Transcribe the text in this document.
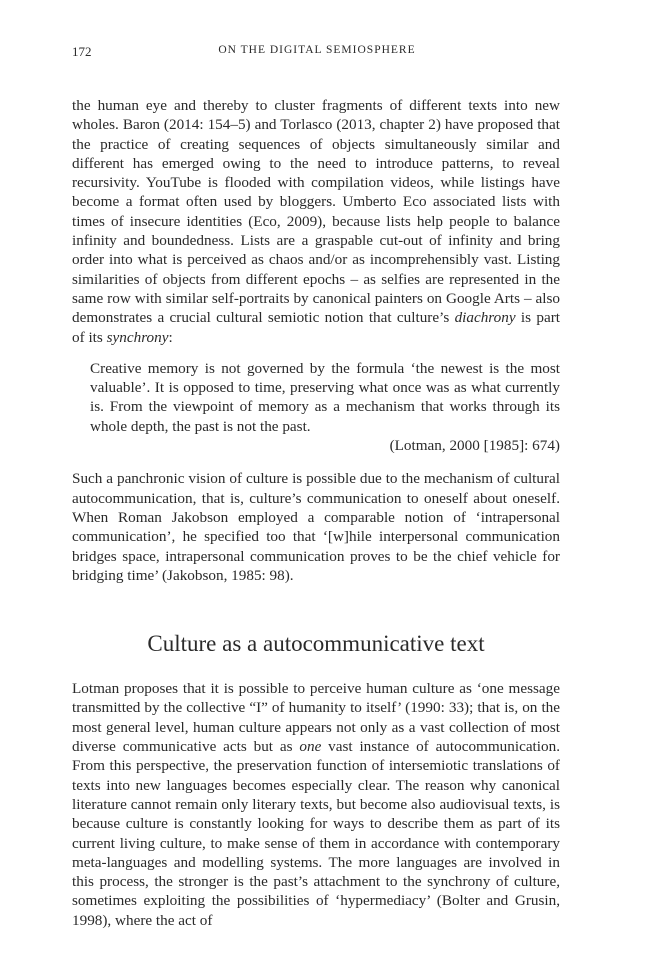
172	ON THE DIGITAL SEMIOSPHERE

the human eye and thereby to cluster fragments of different texts into new wholes. Baron (2014: 154–5) and Torlasco (2013, chapter 2) have proposed that the practice of creating sequences of objects simultaneously similar and different has emerged owing to the need to introduce patterns, to reveal recursivity. YouTube is flooded with compilation videos, while listings have become a format often used by bloggers. Umberto Eco associated lists with times of insecure identities (Eco, 2009), because lists help people to balance infinity and boundedness. Lists are a graspable cut-out of infinity and bring order into what is perceived as chaos and/or as incomprehensibly vast. Listing similarities of objects from different epochs – as selfies are represented in the same row with similar self-portraits by canonical painters on Google Arts – also demonstrates a crucial cultural semiotic notion that culture’s diachrony is part of its synchrony:

Creative memory is not governed by the formula ‘the newest is the most valuable’. It is opposed to time, preserving what once was as what currently is. From the viewpoint of memory as a mechanism that works through its whole depth, the past is not the past.

(Lotman, 2000 [1985]: 674)

Such a panchronic vision of culture is possible due to the mechanism of cultural autocommunication, that is, culture’s communication to oneself about oneself. When Roman Jakobson employed a comparable notion of ‘intrapersonal communication’, he specified too that ‘[w]hile interpersonal communication bridges space, intrapersonal communication proves to be the chief vehicle for bridging time’ (Jakobson, 1985: 98).

Culture as a autocommunicative text

Lotman proposes that it is possible to perceive human culture as ‘one message transmitted by the collective “I” of humanity to itself’ (1990: 33); that is, on the most general level, human culture appears not only as a vast collection of most diverse communicative acts but as one vast instance of autocommunication. From this perspective, the preservation function of intersemiotic translations of texts into new languages becomes especially clear. The reason why canonical literature cannot remain only literary texts, but become also audiovisual texts, is because culture is constantly looking for ways to describe them as part of its current living culture, to make sense of them in accordance with contemporary meta-languages and modelling systems. The more languages are involved in this process, the stronger is the past’s attachment to the synchrony of culture, sometimes exploiting the possibilities of ‘hypermediacy’ (Bolter and Grusin, 1998), where the act of
